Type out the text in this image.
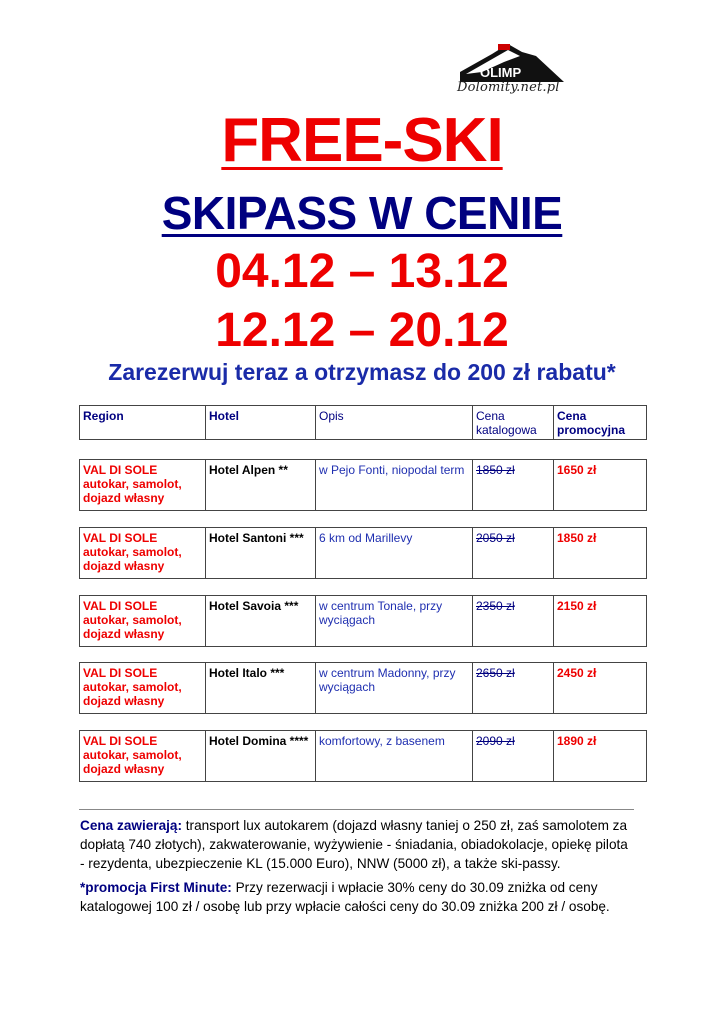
OLIMP
Dolomity.net.pl
FREE-SKI
SKIPASS W CENIE
04.12 – 13.12
12.12 – 20.12
Zarezerwuj teraz a otrzymasz do 200 zł rabatu*
Region	Hotel	Opis	Cena katalogowa	Cena promocyjna
VAL DI SOLE autokar, samolot, dojazd własny	Hotel Alpen **	w Pejo Fonti, niopodal term	1850 zł	1650 zł
VAL DI SOLE autokar, samolot, dojazd własny	Hotel Santoni ***	6 km od Marillevy	2050 zł	1850 zł
VAL DI SOLE autokar, samolot, dojazd własny	Hotel Savoia ***	w centrum Tonale, przy wyciągach	2350 zł	2150 zł
VAL DI SOLE autokar, samolot, dojazd własny	Hotel Italo ***	w centrum Madonny, przy wyciągach	2650 zł	2450 zł
VAL DI SOLE autokar, samolot, dojazd własny	Hotel Domina ****	komfortowy, z basenem	2090 zł	1890 zł

Cena zawierają: transport lux autokarem (dojazd własny taniej o 250 zł, zaś samolotem za dopłatą 740 złotych), zakwaterowanie, wyżywienie - śniadania, obiadokolacje, opiekę pilota - rezydenta, ubezpieczenie KL (15.000 Euro), NNW (5000 zł), a także ski-passy.

*promocja First Minute: Przy rezerwacji i wpłacie 30% ceny do 30.09 zniżka od ceny katalogowej 100 zł / osobę lub przy wpłacie całości ceny do 30.09 zniżka 200 zł / osobę.
